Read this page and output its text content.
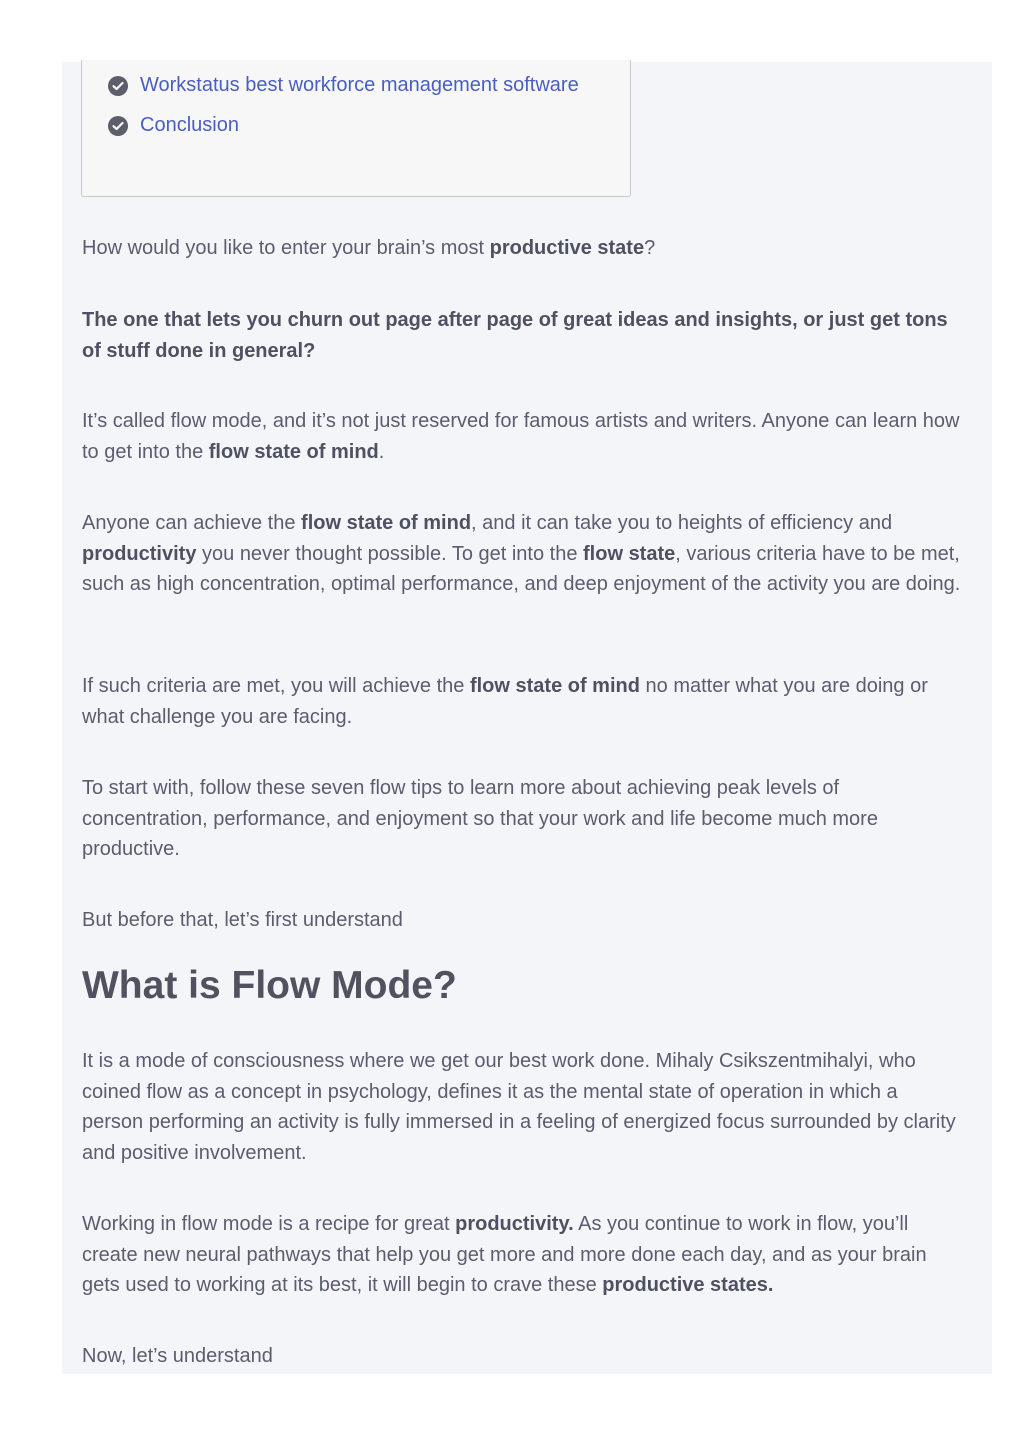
Workstatus best workforce management software
Conclusion

How would you like to enter your brain’s most productive state?

The one that lets you churn out page after page of great ideas and insights, or just get tons of stuff done in general?

It’s called flow mode, and it’s not just reserved for famous artists and writers. Anyone can learn how to get into the flow state of mind.

Anyone can achieve the flow state of mind, and it can take you to heights of efficiency and productivity you never thought possible. To get into the flow state, various criteria have to be met, such as high concentration, optimal performance, and deep enjoyment of the activity you are doing.

If such criteria are met, you will achieve the flow state of mind no matter what you are doing or what challenge you are facing.

To start with, follow these seven flow tips to learn more about achieving peak levels of concentration, performance, and enjoyment so that your work and life become much more productive.

But before that, let’s first understand

What is Flow Mode?

It is a mode of consciousness where we get our best work done. Mihaly Csikszentmihalyi, who coined flow as a concept in psychology, defines it as the mental state of operation in which a person performing an activity is fully immersed in a feeling of energized focus surrounded by clarity and positive involvement.

Working in flow mode is a recipe for great productivity. As you continue to work in flow, you’ll create new neural pathways that help you get more and more done each day, and as your brain gets used to working at its best, it will begin to crave these productive states.

Now, let’s understand
